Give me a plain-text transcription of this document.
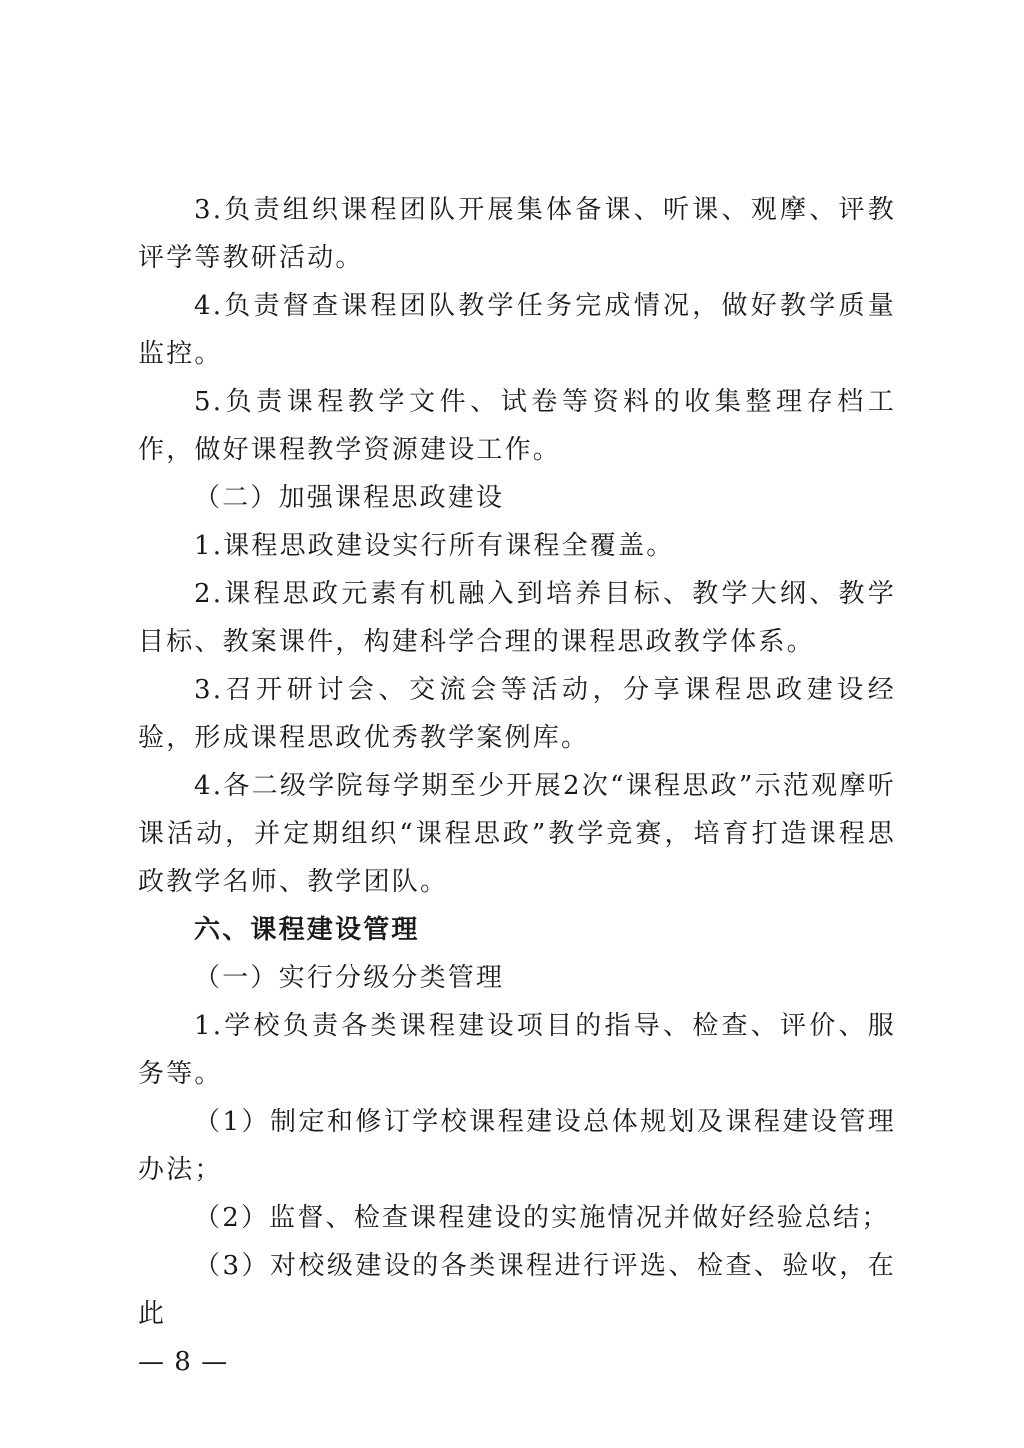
3.负责组织课程团队开展集体备课、听课、观摩、评教评学等教研活动。

4.负责督查课程团队教学任务完成情况，做好教学质量监控。

5.负责课程教学文件、试卷等资料的收集整理存档工作，做好课程教学资源建设工作。

（二）加强课程思政建设

1.课程思政建设实行所有课程全覆盖。

2.课程思政元素有机融入到培养目标、教学大纲、教学目标、教案课件，构建科学合理的课程思政教学体系。

3.召开研讨会、交流会等活动，分享课程思政建设经验，形成课程思政优秀教学案例库。

4.各二级学院每学期至少开展2次“课程思政”示范观摩听课活动，并定期组织“课程思政”教学竞赛，培育打造课程思政教学名师、教学团队。

六、课程建设管理

（一）实行分级分类管理

1.学校负责各类课程建设项目的指导、检查、评价、服务等。

（1）制定和修订学校课程建设总体规划及课程建设管理办法；

（2）监督、检查课程建设的实施情况并做好经验总结；

（3）对校级建设的各类课程进行评选、检查、验收，在此

— 8 —
